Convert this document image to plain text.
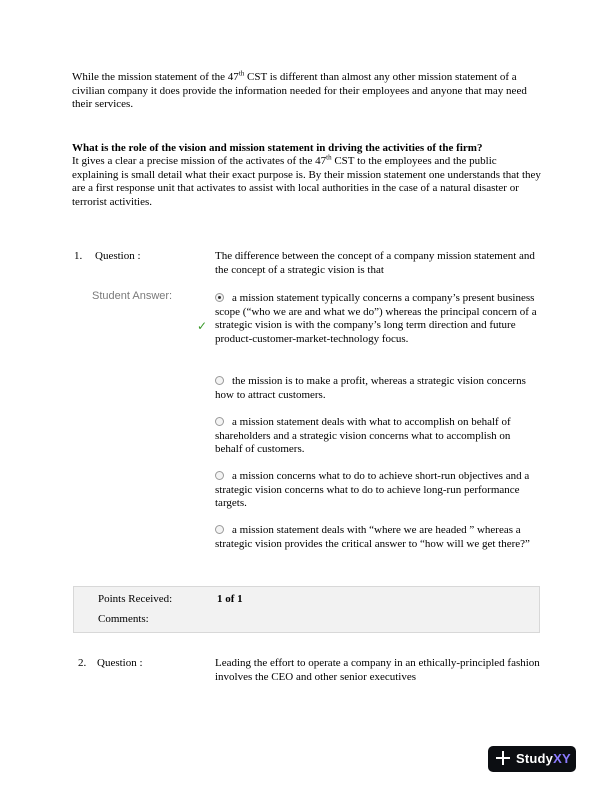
While the mission statement of the 47th CST is different than almost any other mission statement of a civilian company it does provide the information needed for their employees and anyone that may need their services.

What is the role of the vision and mission statement in driving the activities of the firm?

It gives a clear a precise mission of the activates of the 47th CST to the employees and the public explaining is small detail what their exact purpose is. By their mission statement one understands that they are a first response unit that activates to assist with local authorities in the case of a natural disaster or terrorist activities.

1. Question :	The difference between the concept of a company mission statement and the concept of a strategic vision is that
Student Answer:
✓
a mission statement typically concerns a company’s present business scope (“who we are and what we do”) whereas the principal concern of a strategic vision is with the company’s long term direction and future product-customer-market-technology focus.
the mission is to make a profit, whereas a strategic vision concerns how to attract customers.
a mission statement deals with what to accomplish on behalf of shareholders and a strategic vision concerns what to accomplish on behalf of customers.
a mission concerns what to do to achieve short-run objectives and a strategic vision concerns what to do to achieve long-run performance targets.
a mission statement deals with “where we are headed ” whereas a strategic vision provides the critical answer to “how will we get there?”
Points Received:	1 of 1
Comments:
2. Question :	Leading the effort to operate a company in an ethically-principled fashion involves the CEO and other senior executives
StudyXY
